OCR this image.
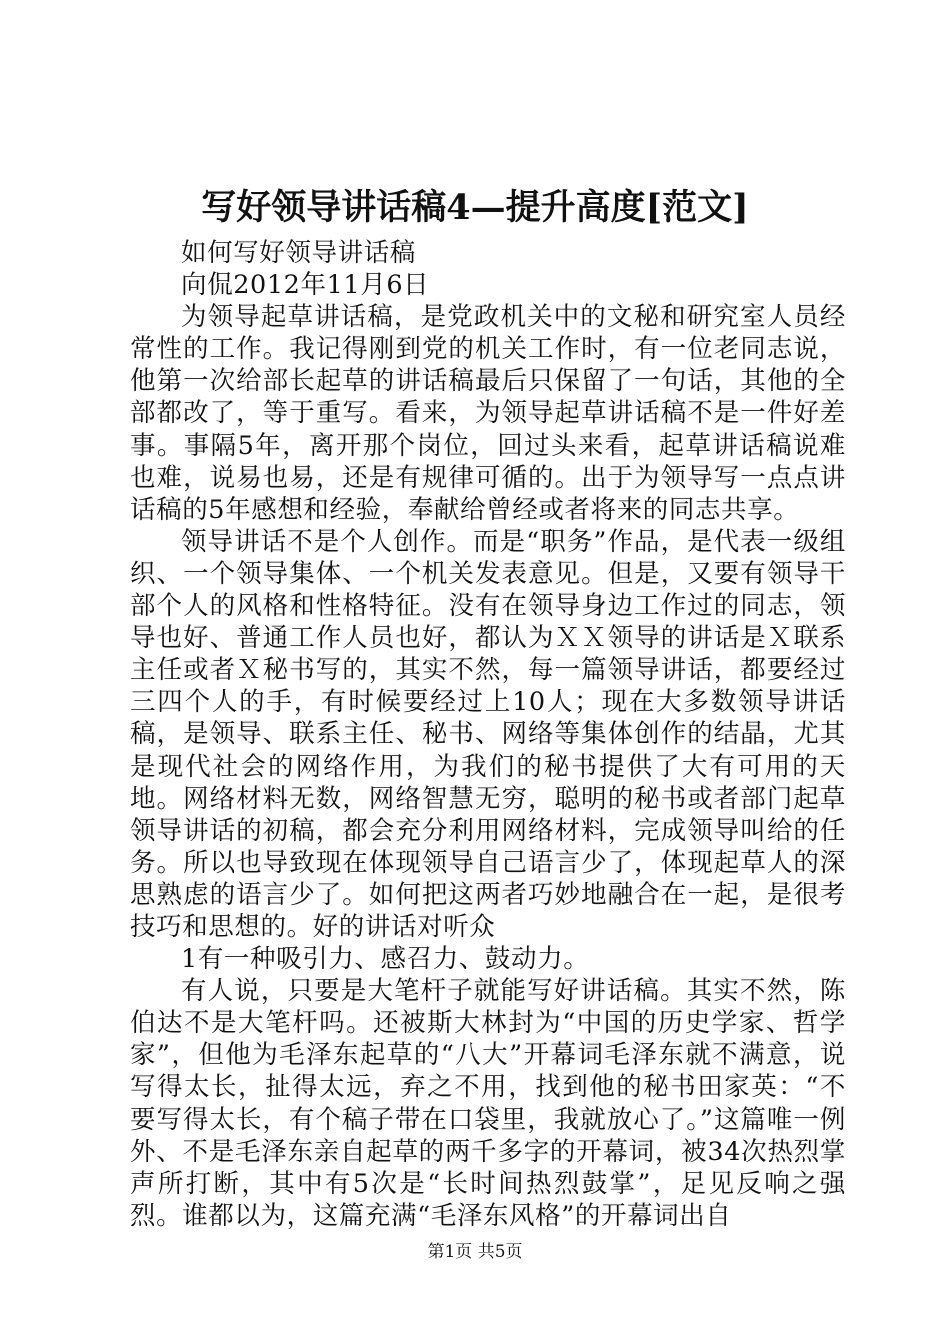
写好领导讲话稿4—提升高度[范文]

如何写好领导讲话稿

向侃2012年11月6日

为领导起草讲话稿，是党政机关中的文秘和研究室人员经常性的工作。我记得刚到党的机关工作时，有一位老同志说，他第一次给部长起草的讲话稿最后只保留了一句话，其他的全部都改了，等于重写。看来，为领导起草讲话稿不是一件好差事。事隔5年，离开那个岗位，回过头来看，起草讲话稿说难也难，说易也易，还是有规律可循的。出于为领导写一点点讲话稿的5年感想和经验，奉献给曾经或者将来的同志共享。

领导讲话不是个人创作。而是“职务”作品，是代表一级组织、一个领导集体、一个机关发表意见。但是，又要有领导干部个人的风格和性格特征。没有在领导身边工作过的同志，领导也好、普通工作人员也好，都认为ＸＸ领导的讲话是Ｘ联系主任或者Ｘ秘书写的，其实不然，每一篇领导讲话，都要经过三四个人的手，有时候要经过上10人；现在大多数领导讲话稿，是领导、联系主任、秘书、网络等集体创作的结晶，尤其是现代社会的网络作用，为我们的秘书提供了大有可用的天地。网络材料无数，网络智慧无穷，聪明的秘书或者部门起草领导讲话的初稿，都会充分利用网络材料，完成领导叫给的任务。所以也导致现在体现领导自己语言少了，体现起草人的深思熟虑的语言少了。如何把这两者巧妙地融合在一起，是很考技巧和思想的。好的讲话对听众

1有一种吸引力、感召力、鼓动力。

有人说，只要是大笔杆子就能写好讲话稿。其实不然，陈伯达不是大笔杆吗。还被斯大林封为“中国的历史学家、哲学家”，但他为毛泽东起草的“八大”开幕词毛泽东就不满意，说写得太长，扯得太远，弃之不用，找到他的秘书田家英：“不要写得太长，有个稿子带在口袋里，我就放心了。”这篇唯一例外、不是毛泽东亲自起草的两千多字的开幕词，被34次热烈掌声所打断，其中有5次是“长时间热烈鼓掌”，足见反响之强烈。谁都以为，这篇充满“毛泽东风格”的开幕词出自

第1页 共5页
